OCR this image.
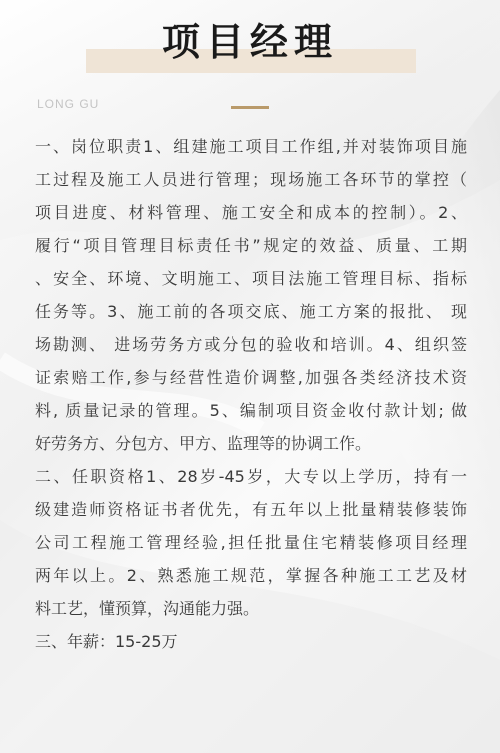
项目经理
LONG GU
一、岗位职责1、组建施工项目工作组,并对装饰项目施
工过程及施工人员进行管理；现场施工各环节的掌控（
项目进度、材料管理、施工安全和成本的控制）。2、
履行“项目管理目标责任书”规定的效益、质量、工期
、安全、环境、文明施工、项目法施工管理目标、指标
任务等。3、施工前的各项交底、施工方案的报批、 现
场勘测、 进场劳务方或分包的验收和培训。4、组织签
证索赔工作,参与经营性造价调整,加强各类经济技术资
料, 质量记录的管理。5、编制项目资金收付款计划; 做
好劳务方、分包方、甲方、监理等的协调工作。
二、任职资格1、28岁-45岁，大专以上学历，持有一
级建造师资格证书者优先，有五年以上批量精装修装饰
公司工程施工管理经验,担任批量住宅精装修项目经理
两年以上。2、熟悉施工规范，掌握各种施工工艺及材
料工艺，懂预算，沟通能力强。
三、年薪：15-25万
